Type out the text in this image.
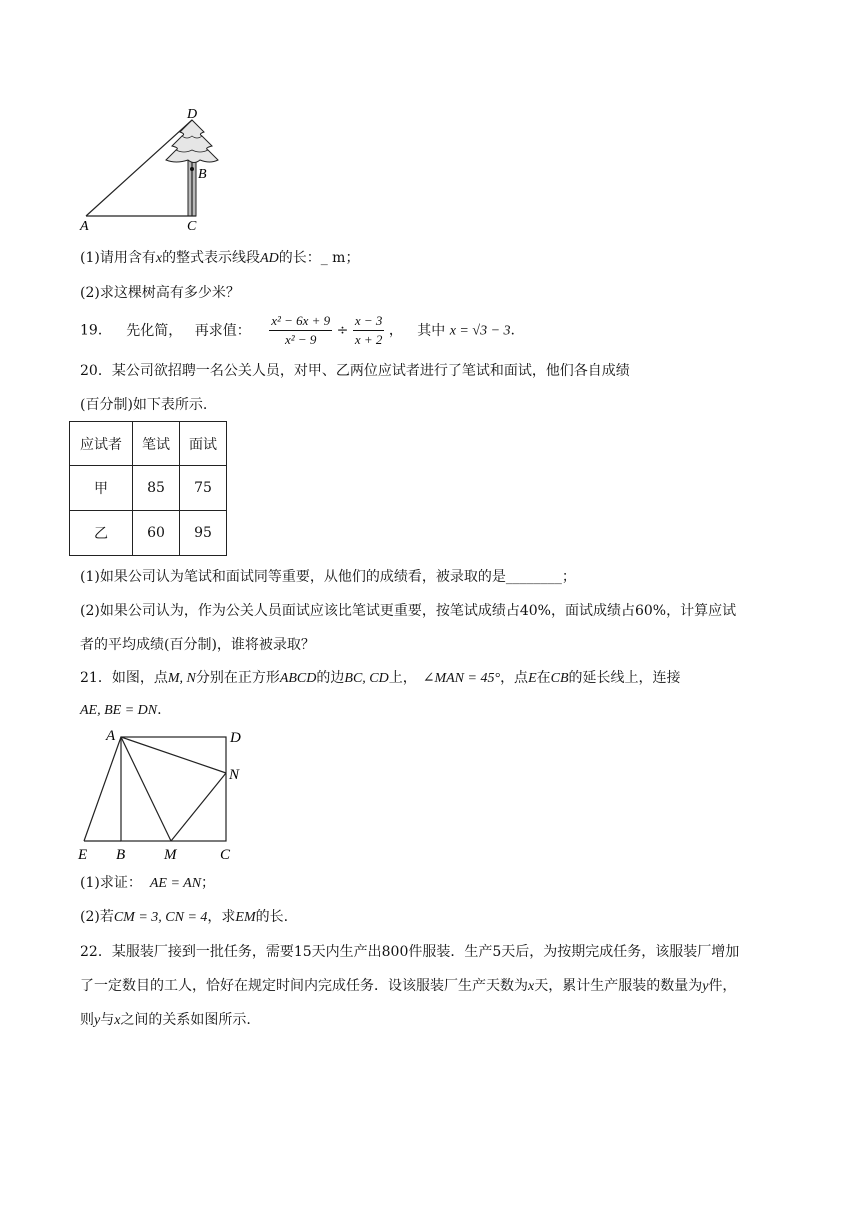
D
B
A	C
(1)请用含有x的整式表示线段AD的长：_ m；
(2)求这棵树高有多少米？
19． 先化简， 再求值： $\frac{\text{x² − 6x + 9}}{\text{x² − 9}} \div \frac{x - 3}{x + 2}$ ， 其中 x = √3 − 3.
20．某公司欲招聘一名公关人员，对甲、乙两位应试者进行了笔试和面试，他们各自成绩
(百分制)如下表所示.
应试者	笔试	面试
甲	85	75
乙	60	95
(1)如果公司认为笔试和面试同等重要，从他们的成绩看，被录取的是________；
(2)如果公司认为，作为公关人员面试应该比笔试更重要，按笔试成绩占40%，面试成绩占60%，计算应试
者的平均成绩(百分制)，谁将被录取？
21．如图，点M, N分别在正方形ABCD的边BC, CD上， ∠MAN = 45°，点E在CB的延长线上，连接
AE, BE = DN.
A	D
N
E B	M	C
(1)求证： AE = AN；
(2)若CM = 3, CN = 4，求EM的长.
22．某服装厂接到一批任务，需要15天内生产出800件服装．生产5天后，为按期完成任务，该服装厂增加
了一定数目的工人，恰好在规定时间内完成任务．设该服装厂生产天数为x天，累计生产服装的数量为y件，
则y与x之间的关系如图所示.
